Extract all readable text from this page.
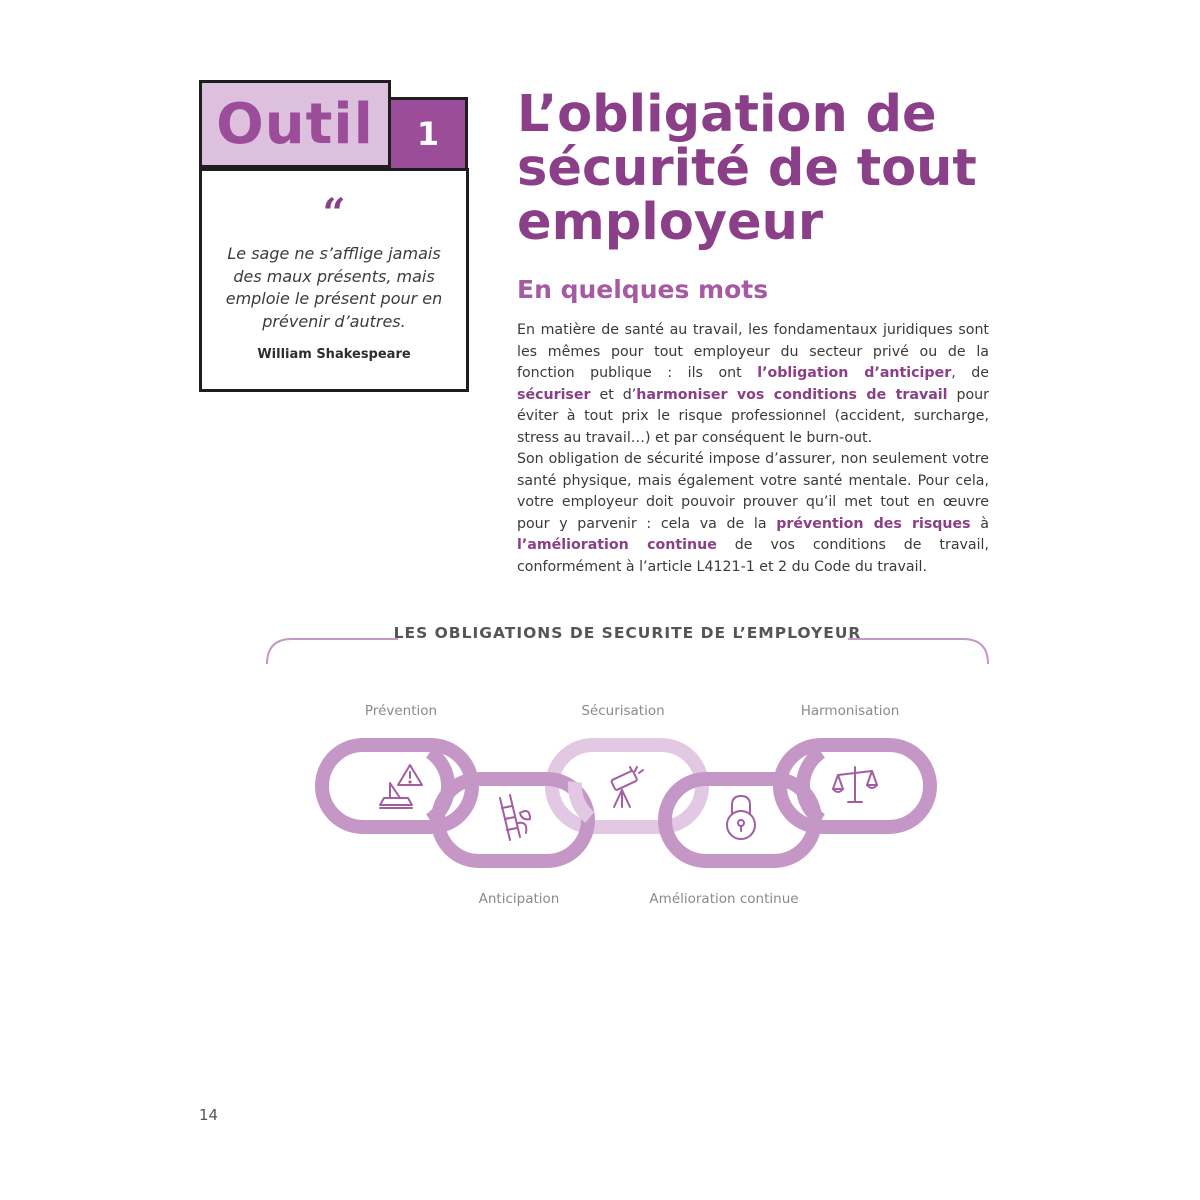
Outil 1
“
Le sage ne s’afflige jamais des maux présents, mais emploie le présent pour en prévenir d’autres.
William Shakespeare
L’obligation de
sécurité de tout
employeur
En quelques mots

En matière de santé au travail, les fondamentaux juridiques sont les mêmes pour tout employeur du secteur privé ou de la fonction publique : ils ont l’obligation d’anticiper, de sécuriser et d’harmoniser vos conditions de travail pour éviter à tout prix le risque professionnel (accident, surcharge, stress au travail…) et par conséquent le burn-out.

Son obligation de sécurité impose d’assurer, non seulement votre santé physique, mais également votre santé mentale. Pour cela, votre employeur doit pouvoir prouver qu’il met tout en œuvre pour y parvenir : cela va de la prévention des risques à l’amélioration continue de vos conditions de travail, conformément à l’article L4121-1 et 2 du Code du travail.

LES OBLIGATIONS DE SECURITE DE L’EMPLOYEUR
Prévention	Sécurisation	Harmonisation
Anticipation	Amélioration continue
14
